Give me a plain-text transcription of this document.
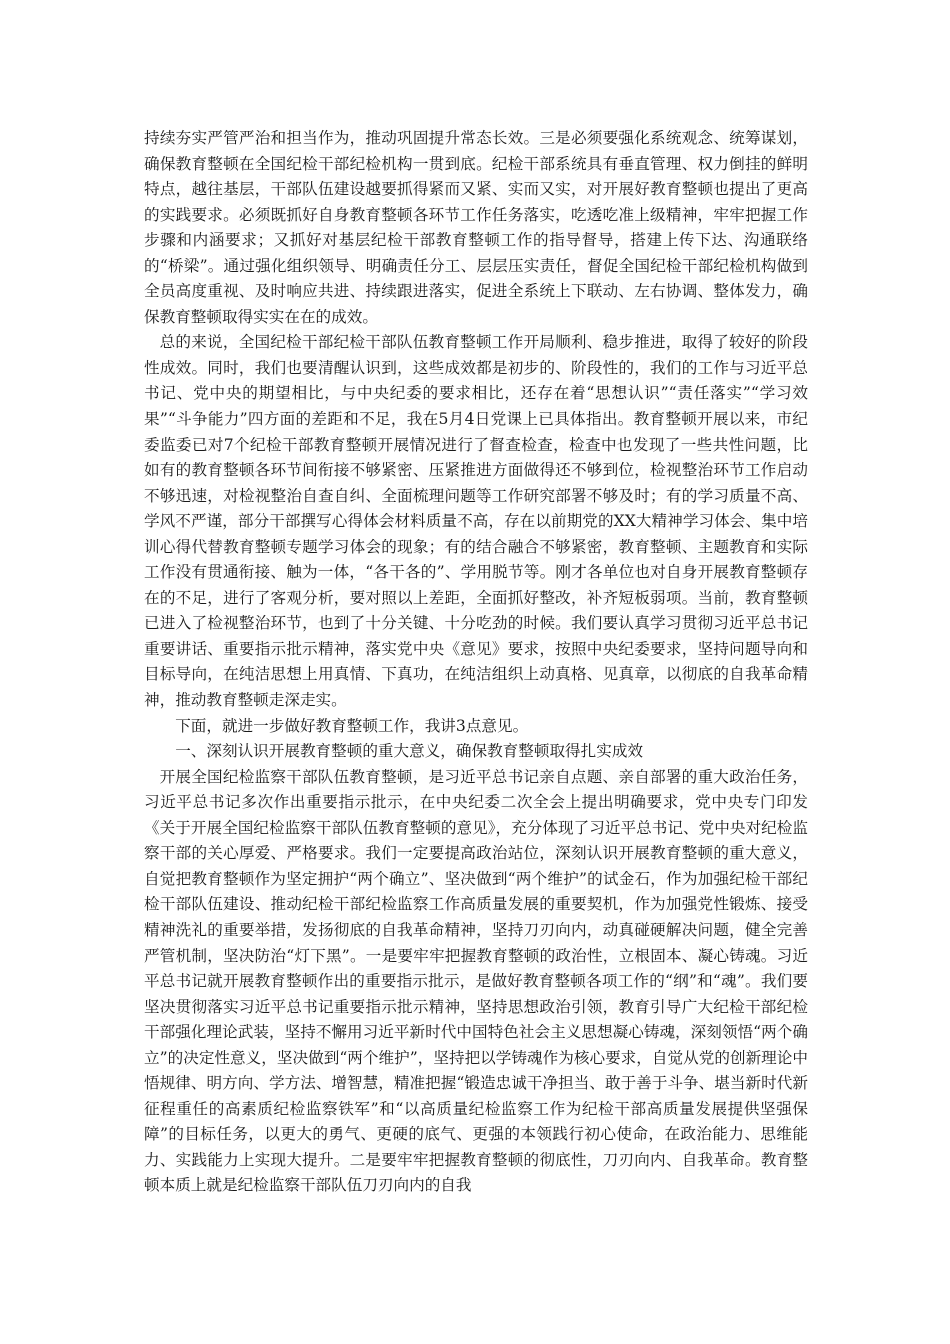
持续夯实严管严治和担当作为，推动巩固提升常态长效。三是必须要强化系统观念、统筹谋划，确保教育整顿在全国纪检干部纪检机构一贯到底。纪检干部系统具有垂直管理、权力倒挂的鲜明特点，越往基层，干部队伍建设越要抓得紧而又紧、实而又实，对开展好教育整顿也提出了更高的实践要求。必须既抓好自身教育整顿各环节工作任务落实，吃透吃准上级精神，牢牢把握工作步骤和内涵要求；又抓好对基层纪检干部教育整顿工作的指导督导，搭建上传下达、沟通联络的“桥梁”。通过强化组织领导、明确责任分工、层层压实责任，督促全国纪检干部纪检机构做到全员高度重视、及时响应共进、持续跟进落实，促进全系统上下联动、左右协调、整体发力，确保教育整顿取得实实在在的成效。

总的来说，全国纪检干部纪检干部队伍教育整顿工作开局顺利、稳步推进，取得了较好的阶段性成效。同时，我们也要清醒认识到，这些成效都是初步的、阶段性的，我们的工作与习近平总书记、党中央的期望相比，与中央纪委的要求相比，还存在着“思想认识”“责任落实”“学习效果”“斗争能力”四方面的差距和不足，我在5月4日党课上已具体指出。教育整顿开展以来，市纪委监委已对7个纪检干部教育整顿开展情况进行了督查检查，检查中也发现了一些共性问题，比如有的教育整顿各环节间衔接不够紧密、压紧推进方面做得还不够到位，检视整治环节工作启动不够迅速，对检视整治自查自纠、全面梳理问题等工作研究部署不够及时；有的学习质量不高、学风不严谨，部分干部撰写心得体会材料质量不高，存在以前期党的XX大精神学习体会、集中培训心得代替教育整顿专题学习体会的现象；有的结合融合不够紧密，教育整顿、主题教育和实际工作没有贯通衔接、触为一体，“各干各的”、学用脱节等。刚才各单位也对自身开展教育整顿存在的不足，进行了客观分析，要对照以上差距，全面抓好整改，补齐短板弱项。当前，教育整顿已进入了检视整治环节，也到了十分关键、十分吃劲的时候。我们要认真学习贯彻习近平总书记重要讲话、重要指示批示精神，落实党中央《意见》要求，按照中央纪委要求，坚持问题导向和目标导向，在纯洁思想上用真情、下真功，在纯洁组织上动真格、见真章，以彻底的自我革命精神，推动教育整顿走深走实。

下面，就进一步做好教育整顿工作，我讲3点意见。

一、深刻认识开展教育整顿的重大意义，确保教育整顿取得扎实成效

开展全国纪检监察干部队伍教育整顿，是习近平总书记亲自点题、亲自部署的重大政治任务，习近平总书记多次作出重要指示批示，在中央纪委二次全会上提出明确要求，党中央专门印发《关于开展全国纪检监察干部队伍教育整顿的意见》，充分体现了习近平总书记、党中央对纪检监察干部的关心厚爱、严格要求。我们一定要提高政治站位，深刻认识开展教育整顿的重大意义，自觉把教育整顿作为坚定拥护“两个确立”、坚决做到“两个维护”的试金石，作为加强纪检干部纪检干部队伍建设、推动纪检干部纪检监察工作高质量发展的重要契机，作为加强党性锻炼、接受精神洗礼的重要举措，发扬彻底的自我革命精神，坚持刀刃向内，动真碰硬解决问题，健全完善严管机制，坚决防治“灯下黑”。一是要牢牢把握教育整顿的政治性，立根固本、凝心铸魂。习近平总书记就开展教育整顿作出的重要指示批示，是做好教育整顿各项工作的“纲”和“魂”。我们要坚决贯彻落实习近平总书记重要指示批示精神，坚持思想政治引领，教育引导广大纪检干部纪检干部强化理论武装，坚持不懈用习近平新时代中国特色社会主义思想凝心铸魂，深刻领悟“两个确立”的决定性意义，坚决做到“两个维护”，坚持把以学铸魂作为核心要求，自觉从党的创新理论中悟规律、明方向、学方法、增智慧，精准把握“锻造忠诚干净担当、敢于善于斗争、堪当新时代新征程重任的高素质纪检监察铁军”和“以高质量纪检监察工作为纪检干部高质量发展提供坚强保障”的目标任务，以更大的勇气、更硬的底气、更强的本领践行初心使命，在政治能力、思维能力、实践能力上实现大提升。二是要牢牢把握教育整顿的彻底性，刀刃向内、自我革命。教育整顿本质上就是纪检监察干部队伍刀刃向内的自我
